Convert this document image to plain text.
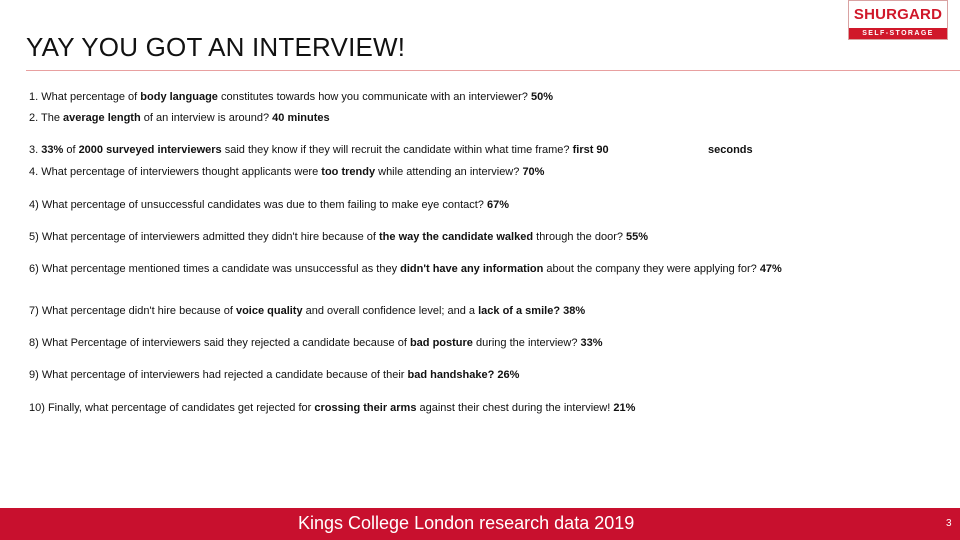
YAY YOU GOT AN INTERVIEW!
SHURGARD
SELF-STORAGE
1. What percentage of body language constitutes towards how you communicate with an interviewer? 50%
2. The average length of an interview is around? 40 minutes
3. 33% of 2000 surveyed interviewers said they know if they will recruit the candidate within what time frame? first 90	seconds
4. What percentage of interviewers thought applicants were too trendy while attending an interview? 70%
4) What percentage of unsuccessful candidates was due to them failing to make eye contact? 67%
5) What percentage of interviewers admitted they didn't hire because of the way the candidate walked through the door? 55%
6) What percentage mentioned times a candidate was unsuccessful as they didn't have any information about the company they were applying for? 47%
7) What percentage didn't hire because of voice quality and overall confidence level; and a lack of a smile? 38%
8) What Percentage of interviewers said they rejected a candidate because of bad posture during the interview? 33%
9) What percentage of interviewers had rejected a candidate because of their bad handshake? 26%
10) Finally, what percentage of candidates get rejected for crossing their arms against their chest during the interview! 21%
Kings College London research data 2019	3
